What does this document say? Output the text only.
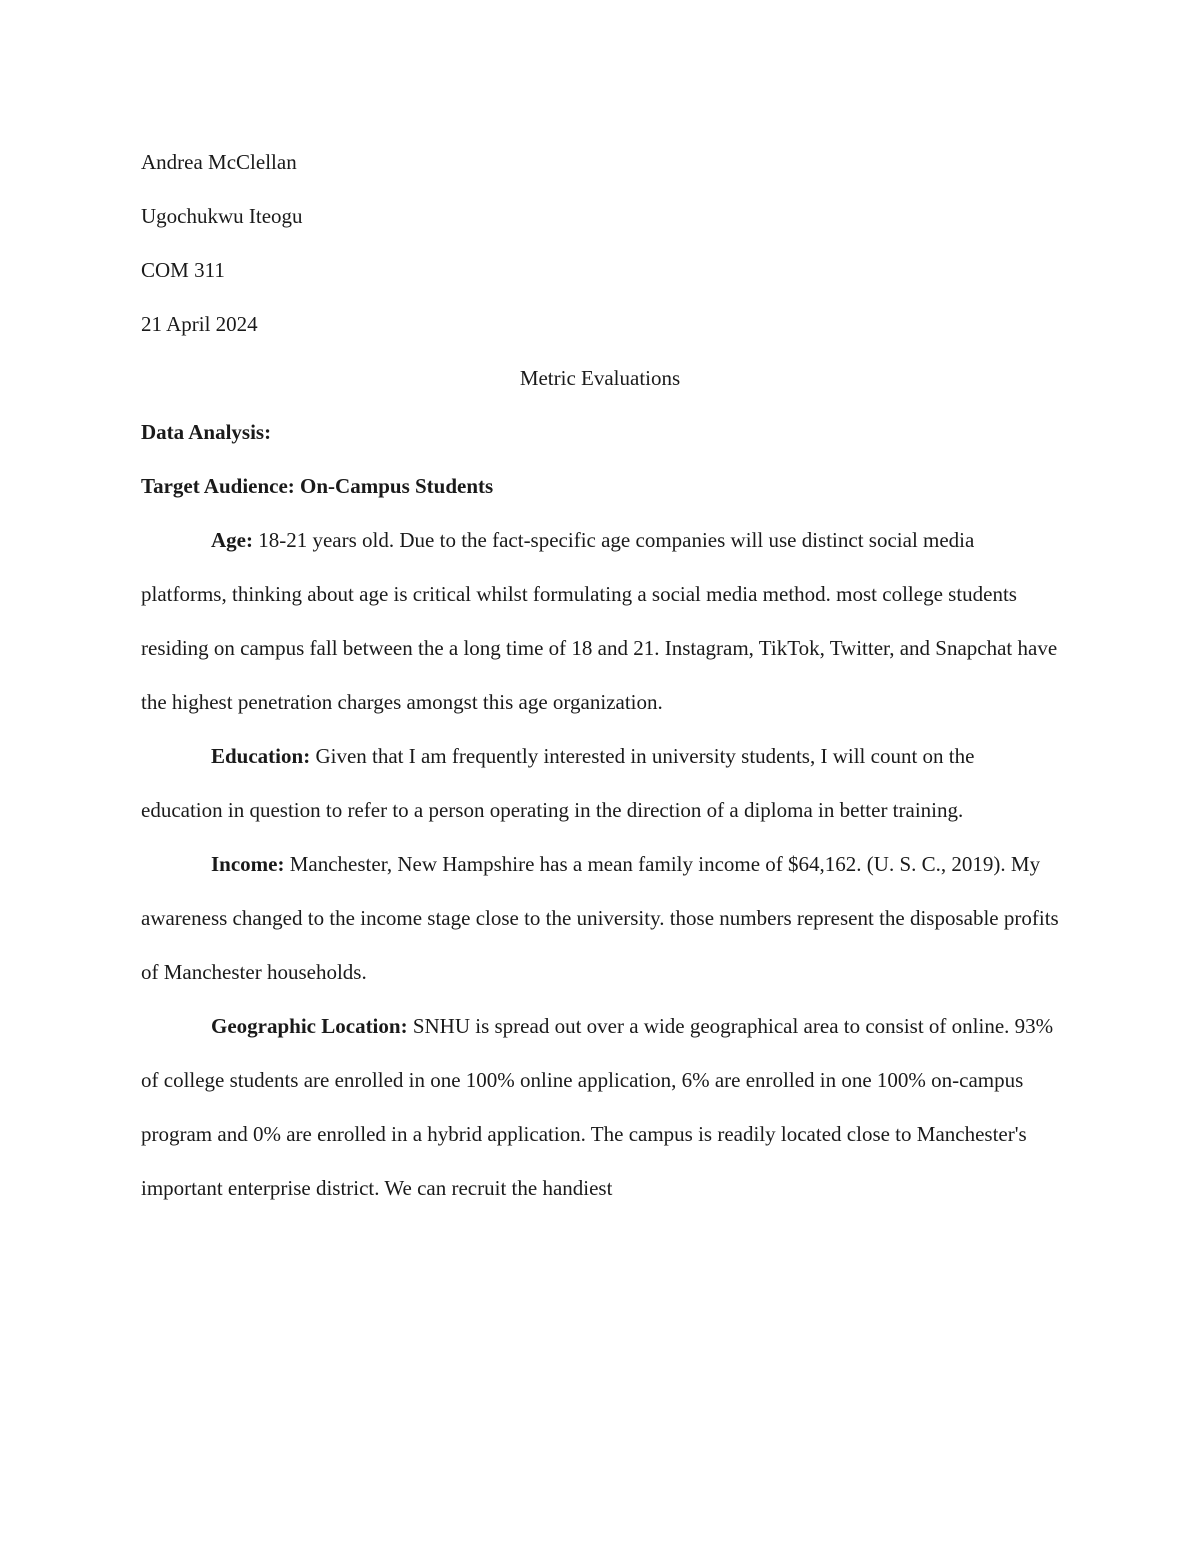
Andrea McClellan

Ugochukwu Iteogu

COM 311

21 April 2024

Metric Evaluations

Data Analysis:

Target Audience: On-Campus Students

Age: 18-21 years old. Due to the fact-specific age companies will use distinct social media platforms, thinking about age is critical whilst formulating a social media method. most college students residing on campus fall between the a long time of 18 and 21. Instagram, TikTok, Twitter, and Snapchat have the highest penetration charges amongst this age organization.

Education: Given that I am frequently interested in university students, I will count on the education in question to refer to a person operating in the direction of a diploma in better training.

Income: Manchester, New Hampshire has a mean family income of $64,162. (U. S. C., 2019). My awareness changed to the income stage close to the university. those numbers represent the disposable profits of Manchester households.

Geographic Location: SNHU is spread out over a wide geographical area to consist of online. 93% of college students are enrolled in one 100% online application, 6% are enrolled in one 100% on-campus program and 0% are enrolled in a hybrid application. The campus is readily located close to Manchester's important enterprise district. We can recruit the handiest
